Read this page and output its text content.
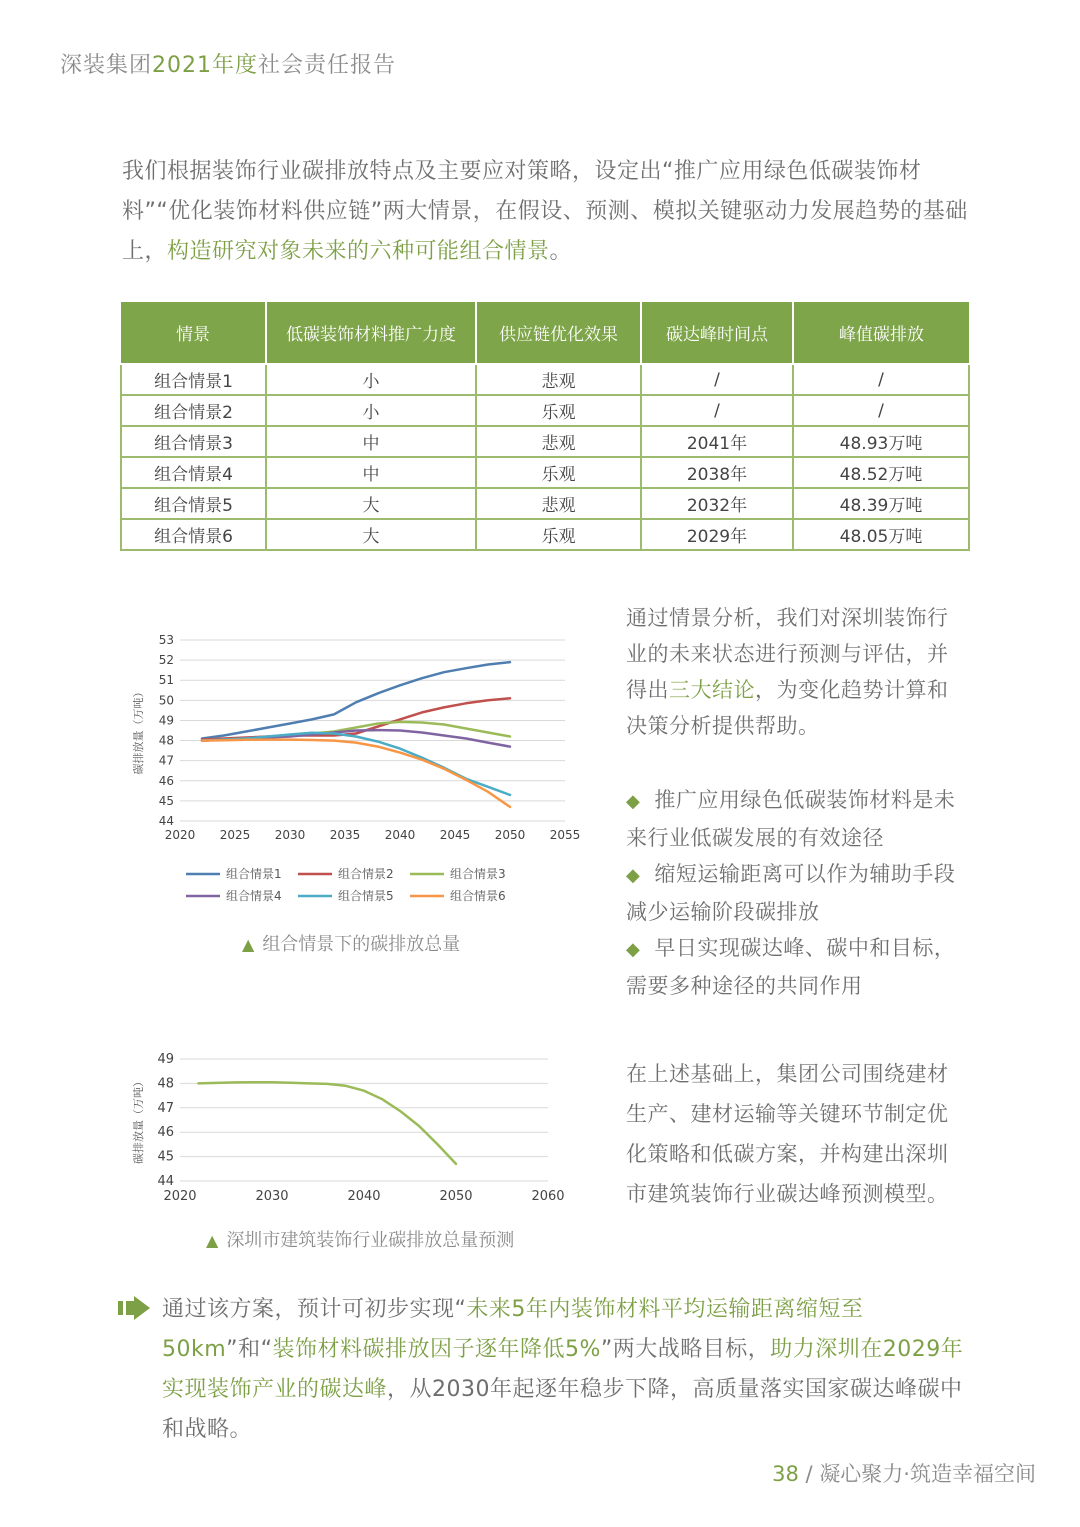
深装集团2021年度社会责任报告
我们根据装饰行业碳排放特点及主要应对策略，设定出“推广应用绿色低碳装饰材料”“优化装饰材料供应链”两大情景，在假设、预测、模拟关键驱动力发展趋势的基础上，构造研究对象未来的六种可能组合情景。
情景	低碳装饰材料推广力度	供应链优化效果	碳达峰时间点	峰值碳排放
组合情景1	小	悲观	/	/
组合情景2	小	乐观	/	/
组合情景3	中	悲观	2041年	48.93万吨
组合情景4	中	乐观	2038年	48.52万吨
组合情景5	大	悲观	2032年	48.39万吨
组合情景6	大	乐观	2029年	48.05万吨
44
45
46
47
48
49
50
51
52
53
2020 2025 2030 2035 2040 2045 2050 2055
碳排放量（万吨）
组合情景1	组合情景2	组合情景3
组合情景4	组合情景5	组合情景6
▲ 组合情景下的碳排放总量
通过情景分析，我们对深圳装饰行业的未来状态进行预测与评估，并得出三大结论，为变化趋势计算和决策分析提供帮助。
◆ 推广应用绿色低碳装饰材料是未来行业低碳发展的有效途径
◆ 缩短运输距离可以作为辅助手段减少运输阶段碳排放
◆ 早日实现碳达峰、碳中和目标，需要多种途径的共同作用
44
45
46
47
48
49
2020	2030	2040	2050	2060
碳排放量（万吨）
▲ 深圳市建筑装饰行业碳排放总量预测
在上述基础上，集团公司围绕建材生产、建材运输等关键环节制定优化策略和低碳方案，并构建出深圳市建筑装饰行业碳达峰预测模型。
通过该方案，预计可初步实现“未来5年内装饰材料平均运输距离缩短至50km”和“装饰材料碳排放因子逐年降低5%”两大战略目标，助力深圳在2029年实现装饰产业的碳达峰，从2030年起逐年稳步下降，高质量落实国家碳达峰碳中和战略。
38 / 凝心聚力·筑造幸福空间
